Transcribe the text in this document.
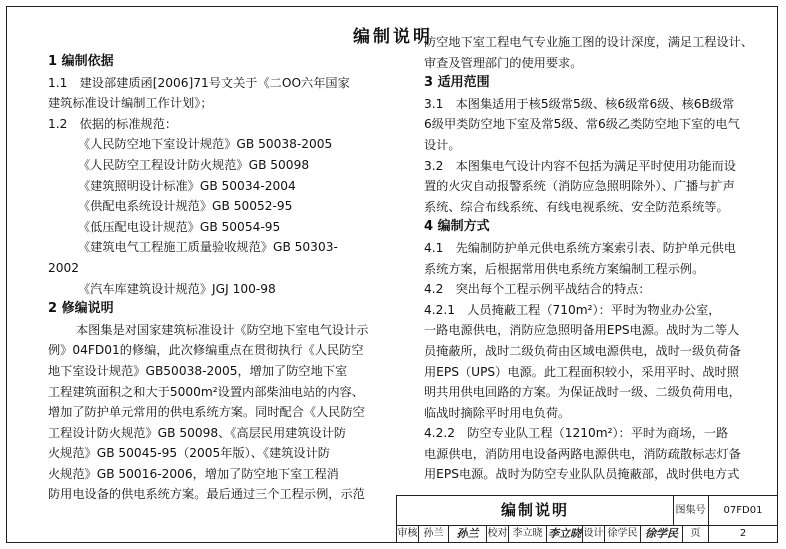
编制说明
1 编制依据
1.1　建设部建质函[2006]71号文关于《二OO六年国家
建筑标准设计编制工作计划》；
1.2　依据的标准规范：
《人民防空地下室设计规范》GB 50038-2005
《人民防空工程设计防火规范》GB 50098
《建筑照明设计标准》GB 50034-2004
《供配电系统设计规范》GB 50052-95
《低压配电设计规范》GB 50054-95
《建筑电气工程施工质量验收规范》GB 50303-
2002
《汽车库建筑设计规范》JGJ 100-98
2 修编说明
本图集是对国家建筑标准设计《防空地下室电气设计示
例》04FD01的修编，此次修编重点在贯彻执行《人民防空
地下室设计规范》GB50038-2005，增加了防空地下室
工程建筑面积之和大于5000m²设置内部柴油电站的内容、
增加了防护单元常用的供电系统方案。同时配合《人民防空
工程设计防火规范》GB 50098、《高层民用建筑设计防
火规范》GB 50045-95（2005年版）、《建筑设计防
火规范》GB 50016-2006，增加了防空地下室工程消
防用电设备的供电系统方案。最后通过三个工程示例，示范
防空地下室工程电气专业施工图的设计深度，满足工程设计、
审查及管理部门的使用要求。
3 适用范围
3.1　本图集适用于核5级常5级、核6级常6级、核6B级常
6级甲类防空地下室及常5级、常6级乙类防空地下室的电气
设计。
3.2　本图集电气设计内容不包括为满足平时使用功能而设
置的火灾自动报警系统（消防应急照明除外）、广播与扩声
系统、综合布线系统、有线电视系统、安全防范系统等。
4 编制方式
4.1　先编制防护单元供电系统方案索引表、防护单元供电
系统方案，后根据常用供电系统方案编制工程示例。
4.2　突出每个工程示例平战结合的特点：
4.2.1　人员掩蔽工程（710m²）：平时为物业办公室，
一路电源供电，消防应急照明备用EPS电源。战时为二等人
员掩蔽所，战时二级负荷由区域电源供电，战时一级负荷备
用EPS（UPS）电源。此工程面积较小，采用平时、战时照
明共用供电回路的方案。为保证战时一级、二级负荷用电，
临战时摘除平时用电负荷。
4.2.2　防空专业队工程（1210m²）：平时为商场，一路
电源供电，消防用电设备两路电源供电，消防疏散标志灯备
用EPS电源。战时为防空专业队队员掩蔽部，战时供电方式
编制说明	图集号	07FD01
审核 孙兰	孙兰 校对 李立晓 李立晓 设计 徐学民 徐学民	页	2
